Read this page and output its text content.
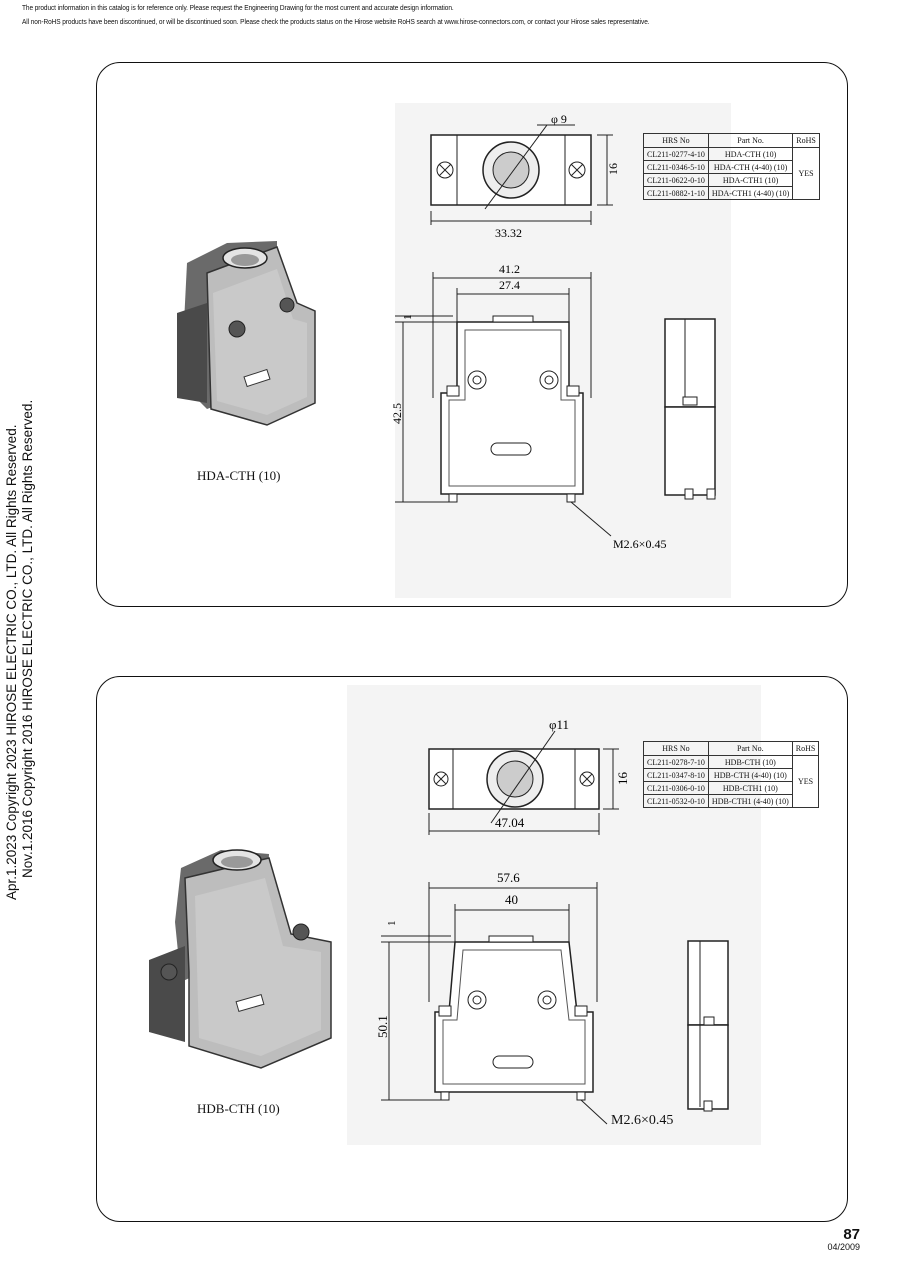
The product information in this catalog is for reference only. Please request the Engineering Drawing for the most current and accurate design information.
All non-RoHS products have been discontinued, or will be discontinued soon. Please check the products status on the Hirose website RoHS search at www.hirose-connectors.com, or contact your Hirose sales representative.
Apr.1.2023 Copyright 2023 HIROSE ELECTRIC CO., LTD. All Rights Reserved. Nov.1.2016 Copyright 2016 HIROSE ELECTRIC CO., LTD. All Rights Reserved.	HDA-CTH (10)
φ 9
33.32
16
41.2
27.4
1
42.5
M2.6×0.45
HRS No	Part No.	RoHS
CL211-0277-4-10	HDA-CTH (10)	YES
CL211-0346-5-10	HDA-CTH (4-40) (10)	
CL211-0622-0-10	HDA-CTH1 (10)	
CL211-0882-1-10	HDA-CTH1 (4-40) (10)	
HDB-CTH (10)
φ11
47.04
16
57.6
40
1
50.1
M2.6×0.45
HRS No	Part No.	RoHS
CL211-0278-7-10	HDB-CTH (10)	YES
CL211-0347-8-10	HDB-CTH (4-40) (10)	
CL211-0306-0-10	HDB-CTH1 (10)	
CL211-0532-0-10	HDB-CTH1 (4-40) (10)	
87
04/2009
